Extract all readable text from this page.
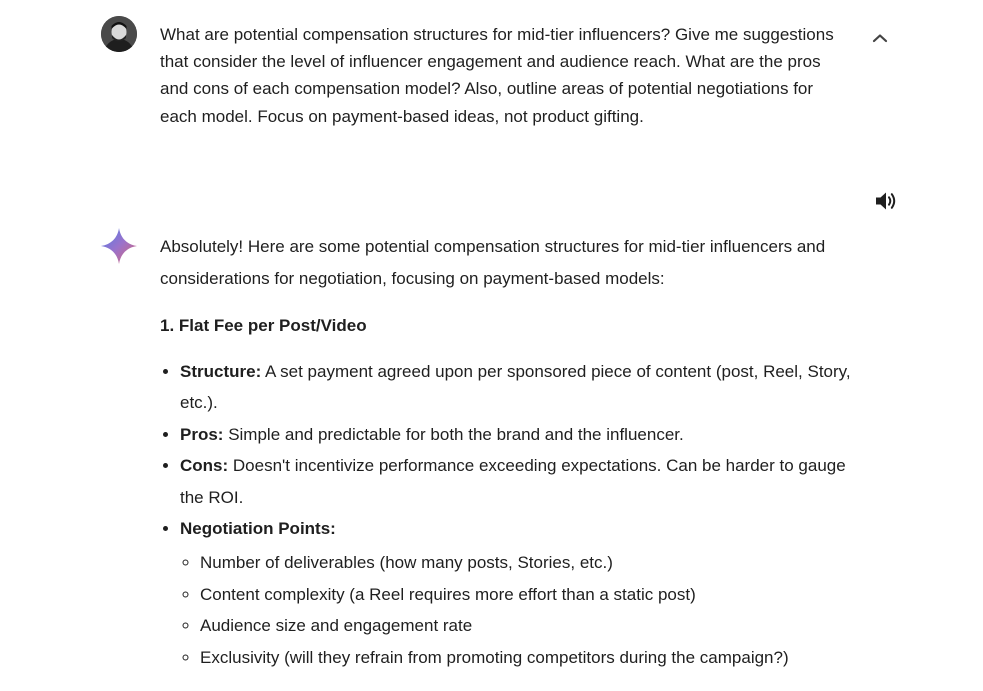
What are potential compensation structures for mid-tier influencers? Give me suggestions that consider the level of influencer engagement and audience reach. What are the pros and cons of each compensation model? Also, outline areas of potential negotiations for each model. Focus on payment-based ideas, not product gifting.

Absolutely! Here are some potential compensation structures for mid-tier influencers and considerations for negotiation, focusing on payment-based models:

1. Flat Fee per Post/Video

• Structure: A set payment agreed upon per sponsored piece of content (post, Reel, Story, etc.).
• Pros: Simple and predictable for both the brand and the influencer.
• Cons: Doesn't incentivize performance exceeding expectations. Can be harder to gauge the ROI.
• Negotiation Points:
◦ Number of deliverables (how many posts, Stories, etc.)
◦ Content complexity (a Reel requires more effort than a static post)
◦ Audience size and engagement rate
◦ Exclusivity (will they refrain from promoting competitors during the campaign?)
